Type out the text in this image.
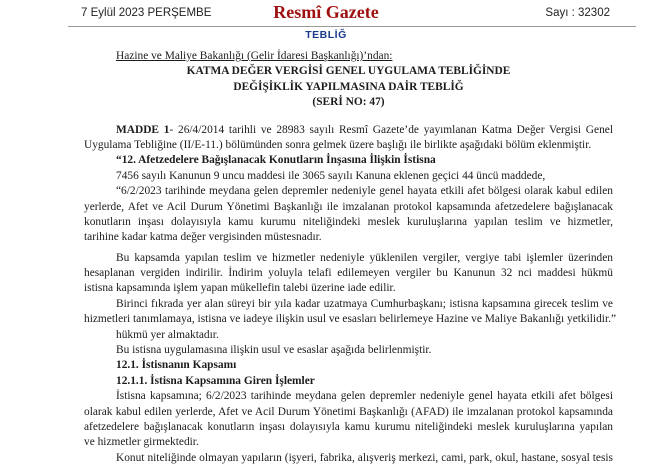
7 Eylül 2023 PERŞEMBE	Resmî Gazete	Sayı : 32302
TEBLİĞ
Hazine ve Maliye Bakanlığı (Gelir İdaresi Başkanlığı)’ndan:
KATMA DEĞER VERGİSİ GENEL UYGULAMA TEBLİĞİNDE
DEĞİŞİKLİK YAPILMASINA DAİR TEBLİĞ
(SERİ NO: 47)
MADDE 1- 26/4/2014 tarihli ve 28983 sayılı Resmî Gazete’de yayımlanan Katma Değer Vergisi Genel
Uygulama Tebliğine (II/E-11.) bölümünden sonra gelmek üzere başlığı ile birlikte aşağıdaki bölüm eklenmiştir.
“12. Afetzedelere Bağışlanacak Konutların İnşasına İlişkin İstisna
7456 sayılı Kanunun 9 uncu maddesi ile 3065 sayılı Kanuna eklenen geçici 44 üncü maddede,
“6/2/2023 tarihinde meydana gelen depremler nedeniyle genel hayata etkili afet bölgesi olarak kabul edilen
yerlerde, Afet ve Acil Durum Yönetimi Başkanlığı ile imzalanan protokol kapsamında afetzedelere bağışlanacak
konutların inşası dolayısıyla kamu kurumu niteliğindeki meslek kuruluşlarına yapılan teslim ve hizmetler,
tarihine kadar katma değer vergisinden müstesnadır.
Bu kapsamda yapılan teslim ve hizmetler nedeniyle yüklenilen vergiler, vergiye tabi işlemler üzerinden
hesaplanan vergiden indirilir. İndirim yoluyla telafi edilemeyen vergiler bu Kanunun 32 nci maddesi hükmü
istisna kapsamında işlem yapan mükellefin talebi üzerine iade edilir.
Birinci fıkrada yer alan süreyi bir yıla kadar uzatmaya Cumhurbaşkanı; istisna kapsamına girecek teslim ve
hizmetleri tanımlamaya, istisna ve iadeye ilişkin usul ve esasları belirlemeye Hazine ve Maliye Bakanlığı yetkilidir.”
hükmü yer almaktadır.
Bu istisna uygulamasına ilişkin usul ve esaslar aşağıda belirlenmiştir.
12.1. İstisnanın Kapsamı
12.1.1. İstisna Kapsamına Giren İşlemler
İstisna kapsamına; 6/2/2023 tarihinde meydana gelen depremler nedeniyle genel hayata etkili afet bölgesi
olarak kabul edilen yerlerde, Afet ve Acil Durum Yönetimi Başkanlığı (AFAD) ile imzalanan protokol kapsamında
afetzedelere bağışlanacak konutların inşası dolayısıyla kamu kurumu niteliğindeki meslek kuruluşlarına yapılan
ve hizmetler girmektedir.
Konut niteliğinde olmayan yapıların (işyeri, fabrika, alışveriş merkezi, cami, park, okul, hastane, sosyal tesis
